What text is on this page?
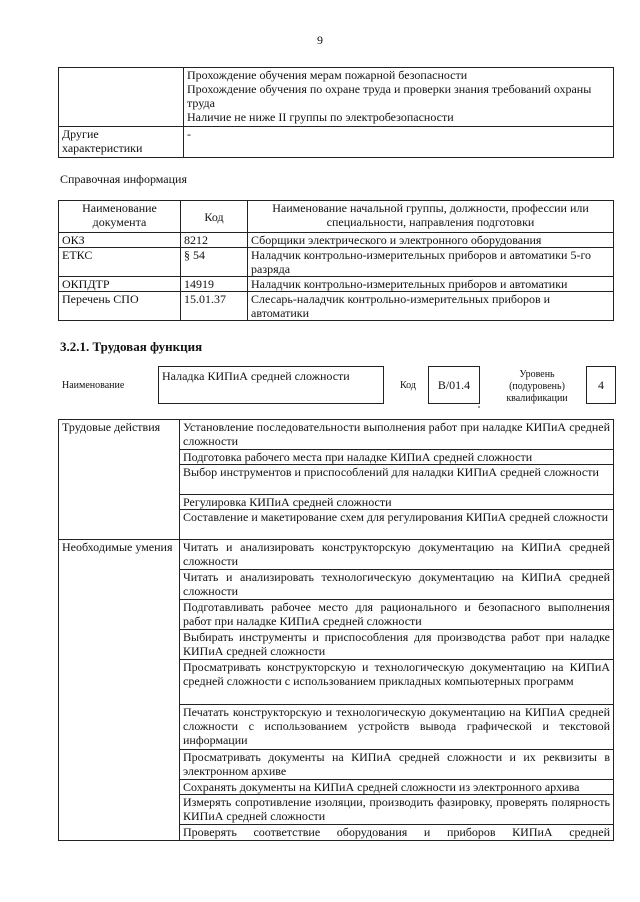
9

	Прохождение обучения мерам пожарной безопасности
Прохождение обучения по охране труда и проверки знания требований охраны труда
Наличие не ниже II группы по электробезопасности

Другие характеристики	-
Справочная информация
Наименование документа	Код	Наименование начальной группы, должности, профессии или специальности, направления подготовки
ОКЗ	8212	Сборщики электрического и электронного оборудования
ЕТКС	§ 54	Наладчик контрольно-измерительных приборов и автоматики 5-го разряда
ОКПДТР	14919	Наладчик контрольно-измерительных приборов и автоматики
Перечень СПО	15.01.37	Слесарь-наладчик контрольно-измерительных приборов и автоматики
3.2.1. Трудовая функция
Наименование
Наладка КИПиА средней сложности
Код	B/01.4
Уровень (подуровень) квалификации
4
Трудовые действия	Установление последовательности выполнения работ при наладке КИПиА средней сложности
	Подготовка рабочего места при наладке КИПиА средней сложности
	Выбор инструментов и приспособлений для наладки КИПиА средней сложности
	Регулировка КИПиА средней сложности
	Составление и макетирование схем для регулирования КИПиА средней сложности
Необходимые умения	Читать и анализировать конструкторскую документацию на КИПиА средней сложности
	Читать и анализировать технологическую документацию на КИПиА средней сложности
	Подготавливать рабочее место для рационального и безопасного выполнения работ при наладке КИПиА средней сложности
	Выбирать инструменты и приспособления для производства работ при наладке КИПиА средней сложности
	Просматривать конструкторскую и технологическую документацию на КИПиА средней сложности с использованием прикладных компьютерных программ
	Печатать конструкторскую и технологическую документацию на КИПиА средней сложности с использованием устройств вывода графической и текстовой информации
	Просматривать документы на КИПиА средней сложности и их реквизиты в электронном архиве
	Сохранять документы на КИПиА средней сложности из электронного архива
	Измерять сопротивление изоляции, производить фазировку, проверять полярность КИПиА средней сложности
	Проверять соответствие оборудования и приборов КИПиА средней
